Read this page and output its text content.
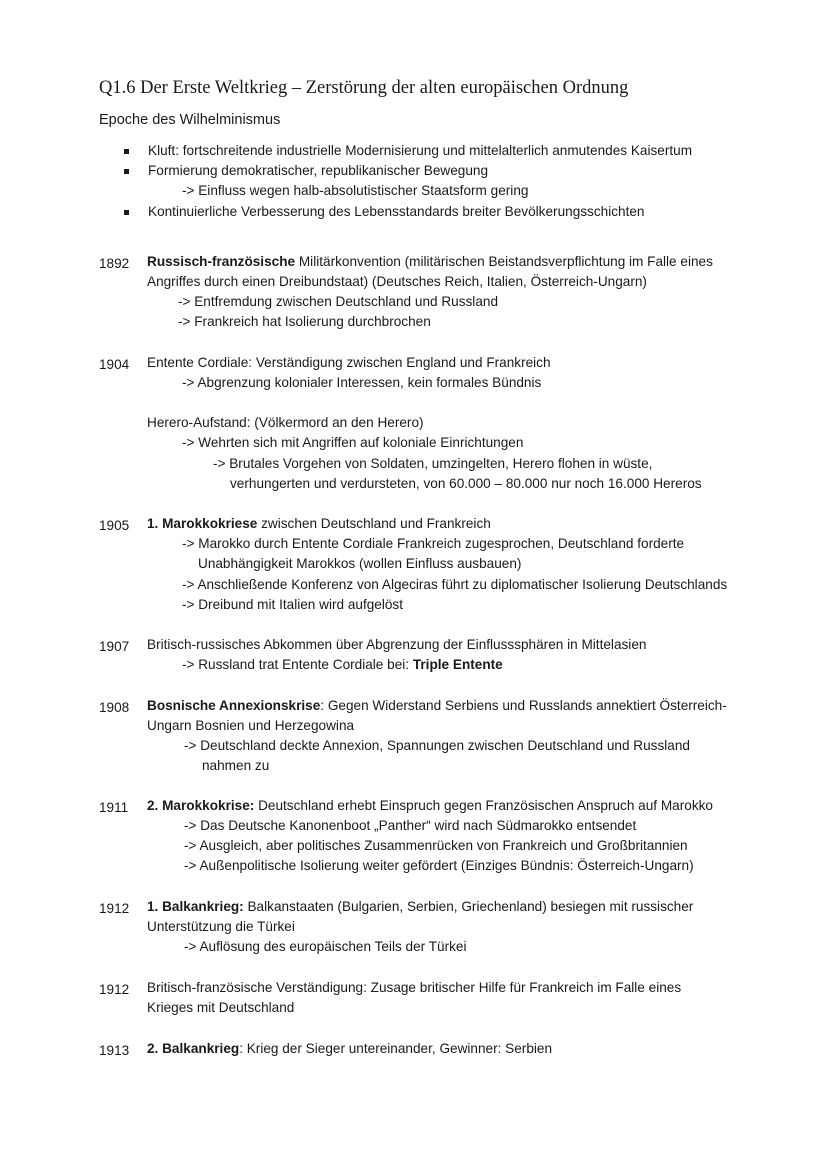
Q1.6 Der Erste Weltkrieg – Zerstörung der alten europäischen Ordnung
Epoche des Wilhelminismus
Kluft: fortschreitende industrielle Modernisierung und mittelalterlich anmutendes Kaisertum
Formierung demokratischer, republikanischer Bewegung
-> Einfluss wegen halb-absolutistischer Staatsform gering
Kontinuierliche Verbesserung des Lebensstandards breiter Bevölkerungsschichten
1892 Russisch-französische Militärkonvention (militärischen Beistandsverpflichtung im Falle eines
Angriffes durch einen Dreibundstaat) (Deutsches Reich, Italien, Österreich-Ungarn)
-> Entfremdung zwischen Deutschland und Russland
-> Frankreich hat Isolierung durchbrochen
1904 Entente Cordiale: Verständigung zwischen England und Frankreich
-> Abgrenzung kolonialer Interessen, kein formales Bündnis
Herero-Aufstand: (Völkermord an den Herero)
-> Wehrten sich mit Angriffen auf koloniale Einrichtungen
-> Brutales Vorgehen von Soldaten, umzingelten, Herero flohen in wüste,
verhungerten und verdursteten, von 60.000 – 80.000 nur noch 16.000 Hereros
1905 1. Marokkokriese zwischen Deutschland und Frankreich
-> Marokko durch Entente Cordiale Frankreich zugesprochen, Deutschland forderte
Unabhängigkeit Marokkos (wollen Einfluss ausbauen)
-> Anschließende Konferenz von Algeciras führt zu diplomatischer Isolierung Deutschlands
-> Dreibund mit Italien wird aufgelöst
1907 Britisch-russisches Abkommen über Abgrenzung der Einflusssphären in Mittelasien
-> Russland trat Entente Cordiale bei: Triple Entente
1908 Bosnische Annexionskrise: Gegen Widerstand Serbiens und Russlands annektiert Österreich-
Ungarn Bosnien und Herzegowina
-> Deutschland deckte Annexion, Spannungen zwischen Deutschland und Russland
nahmen zu
1911 2. Marokkokrise: Deutschland erhebt Einspruch gegen Französischen Anspruch auf Marokko
-> Das Deutsche Kanonenboot „Panther“ wird nach Südmarokko entsendet
-> Ausgleich, aber politisches Zusammenrücken von Frankreich und Großbritannien
-> Außenpolitische Isolierung weiter gefördert (Einziges Bündnis: Österreich-Ungarn)
1912 1. Balkankrieg: Balkanstaaten (Bulgarien, Serbien, Griechenland) besiegen mit russischer
Unterstützung die Türkei
-> Auflösung des europäischen Teils der Türkei
1912 Britisch-französische Verständigung: Zusage britischer Hilfe für Frankreich im Falle eines
Krieges mit Deutschland
1913 2. Balkankrieg: Krieg der Sieger untereinander, Gewinner: Serbien
